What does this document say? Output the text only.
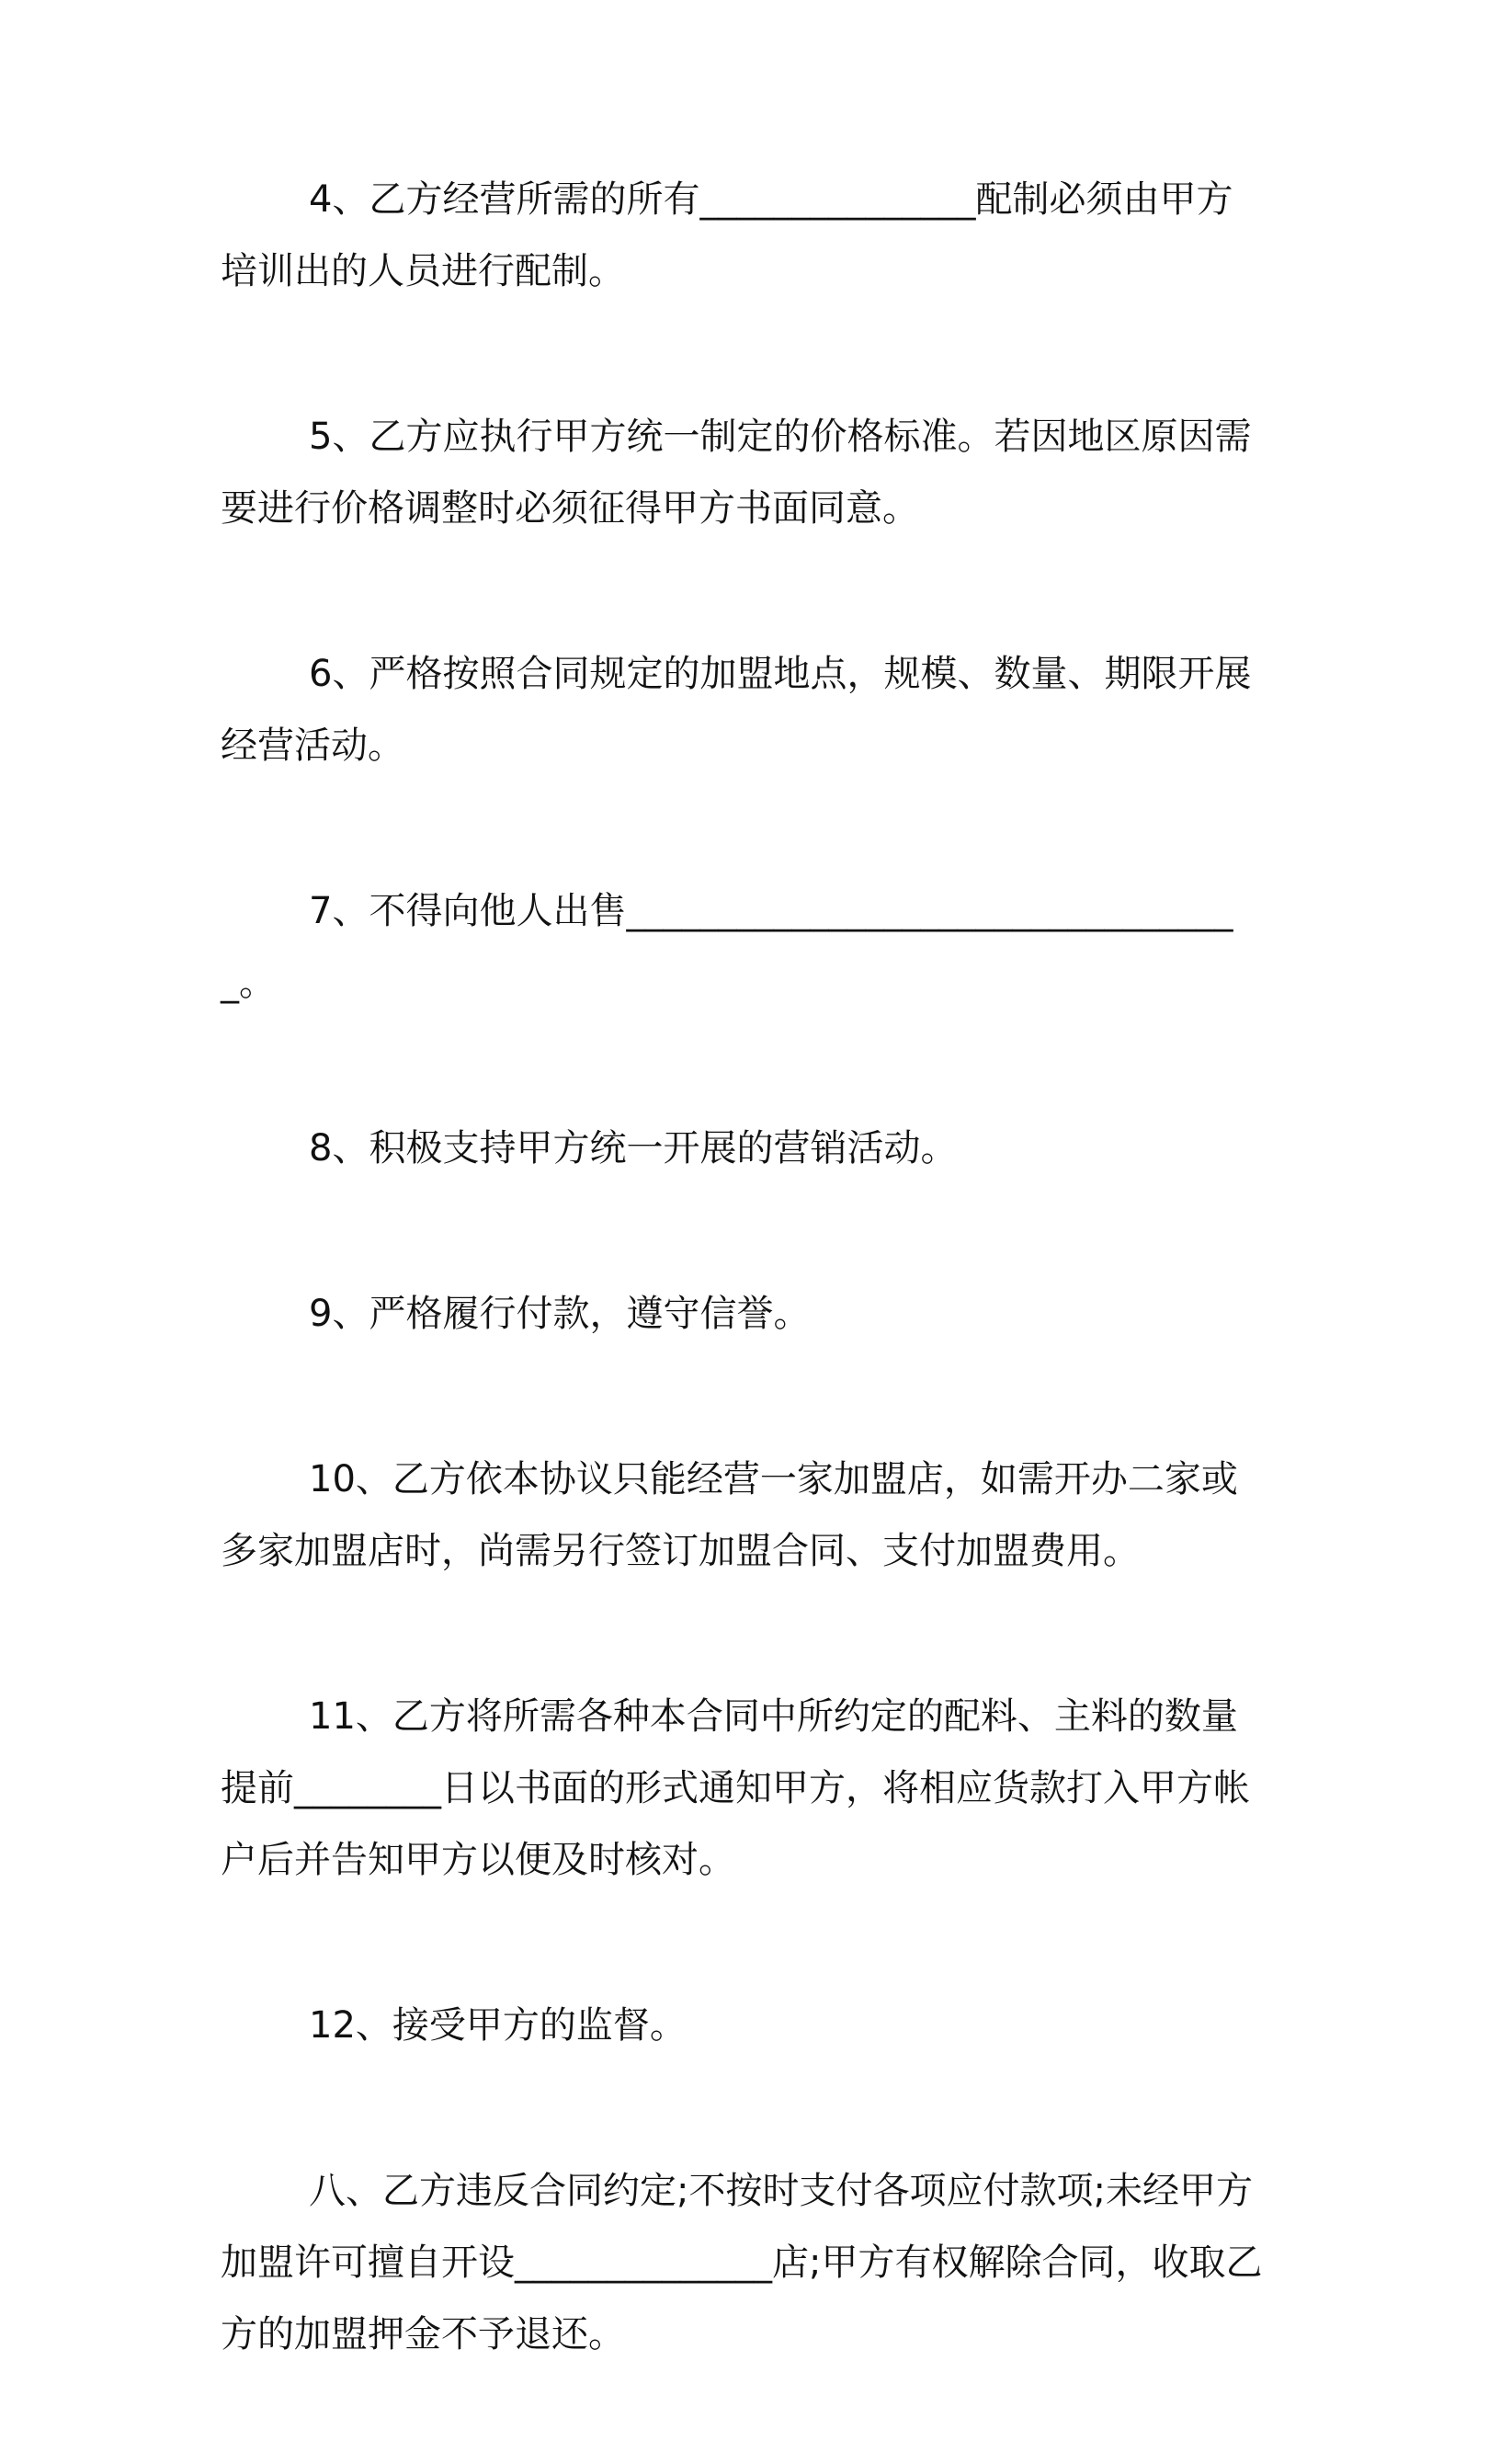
4、乙方经营所需的所有_______________配制必须由甲方培训出的人员进行配制。

5、乙方应执行甲方统一制定的价格标准。若因地区原因需要进行价格调整时必须征得甲方书面同意。

6、严格按照合同规定的加盟地点，规模、数量、期限开展经营活动。

7、不得向他人出售__________________________________。

8、积极支持甲方统一开展的营销活动。

9、严格履行付款，遵守信誉。

10、乙方依本协议只能经营一家加盟店，如需开办二家或多家加盟店时，尚需另行签订加盟合同、支付加盟费用。

11、乙方将所需各种本合同中所约定的配料、主料的数量提前________日以书面的形式通知甲方，将相应货款打入甲方帐户后并告知甲方以便及时核对。

12、接受甲方的监督。

八、乙方违反合同约定;不按时支付各项应付款项;未经甲方加盟许可擅自开设______________店;甲方有权解除合同，收取乙方的加盟押金不予退还。
